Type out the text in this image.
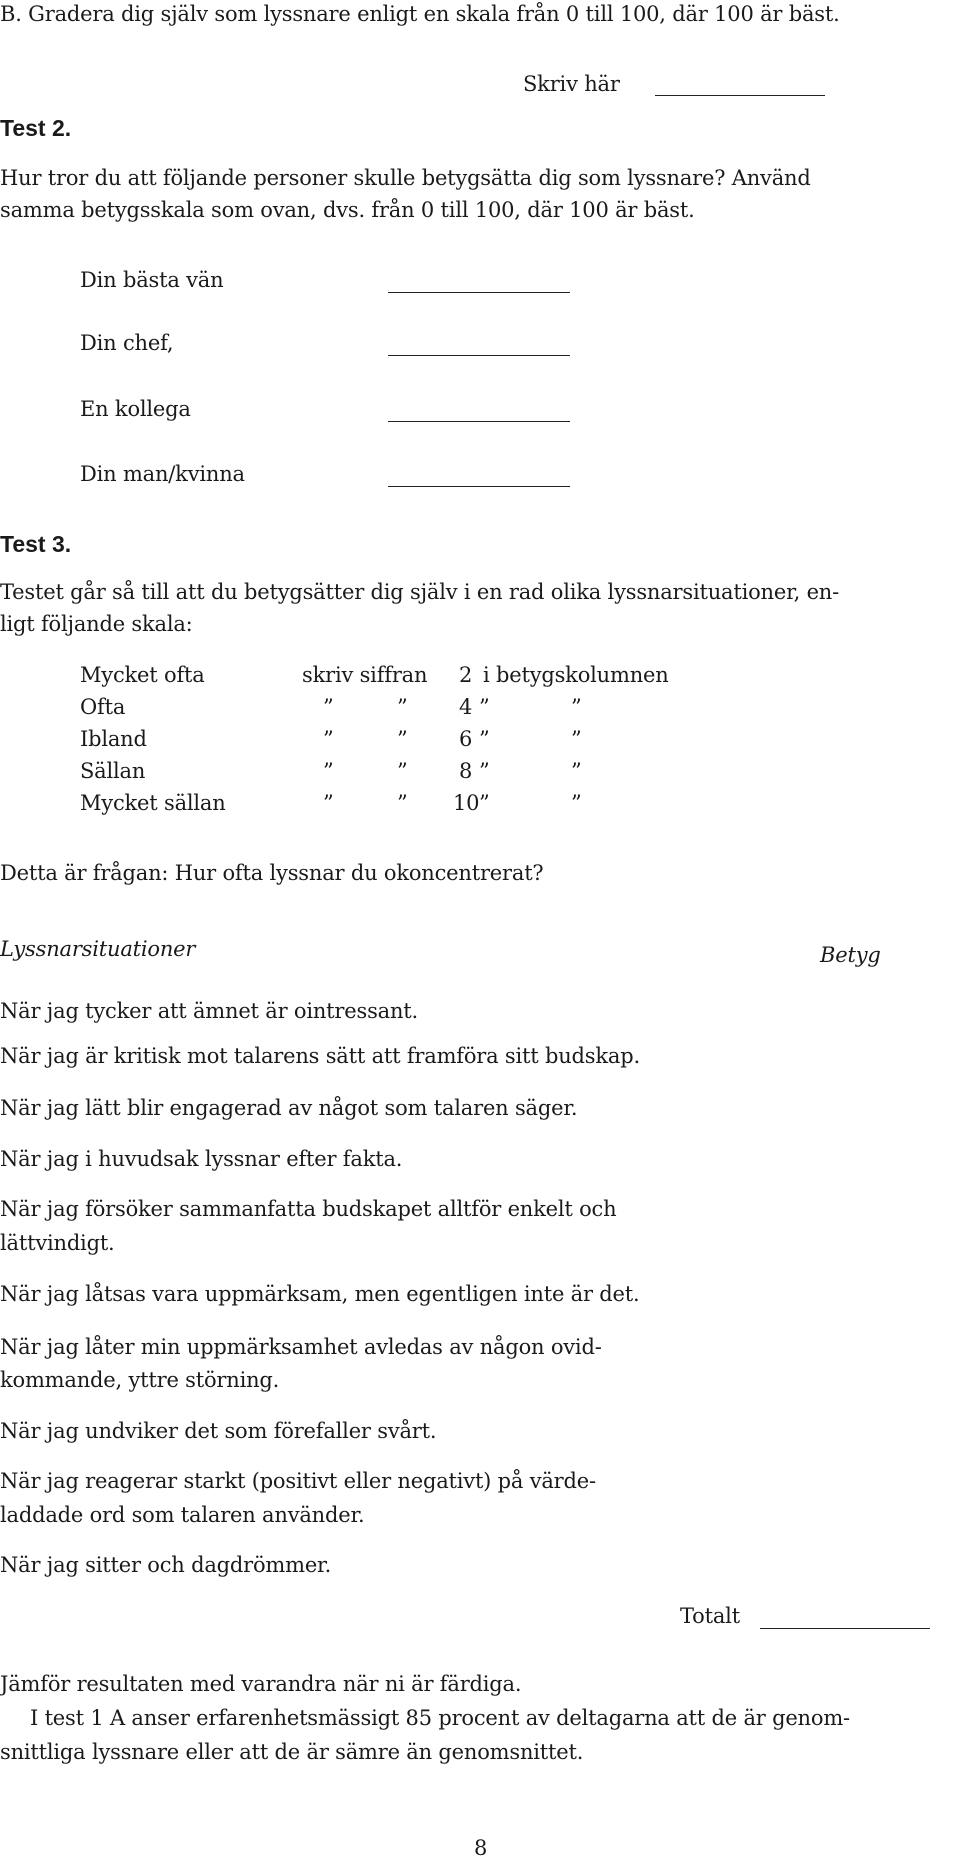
B. Gradera dig själv som lyssnare enligt en skala från 0 till 100, där 100 är bäst.

Skriv här

Test 2.

Hur tror du att följande personer skulle betygsätta dig som lyssnare? Använd

samma betygsskala som ovan, dvs. från 0 till 100, där 100 är bäst.

Din bästa vän

Din chef,

En kollega

Din man/kvinna

Test 3.

Testet går så till att du betygsätter dig själv i en rad olika lyssnarsituationer, en-

ligt följande skala:

Mycket ofta	skriv siffran 2 i betygskolumnen
Ofta	”	” 4 ”	”
Ibland	”	” 6 ”	”
Sällan	”	” 8 ”	”
Mycket sällan	”	” 10 ”	”

Detta är frågan: Hur ofta lyssnar du okoncentrerat?

Lyssnarsituationer	Betyg

När jag tycker att ämnet är ointressant.

När jag är kritisk mot talarens sätt att framföra sitt budskap.

När jag lätt blir engagerad av något som talaren säger.

När jag i huvudsak lyssnar efter fakta.

När jag försöker sammanfatta budskapet alltför enkelt och

lättvindigt.

När jag låtsas vara uppmärksam, men egentligen inte är det.

När jag låter min uppmärksamhet avledas av någon ovid-

kommande, yttre störning.

När jag undviker det som förefaller svårt.

När jag reagerar starkt (positivt eller negativt) på värde-

laddade ord som talaren använder.

När jag sitter och dagdrömmer.

Totalt

Jämför resultaten med varandra när ni är färdiga.

I test 1 A anser erfarenhetsmässigt 85 procent av deltagarna att de är genom-

snittliga lyssnare eller att de är sämre än genomsnittet.

8
